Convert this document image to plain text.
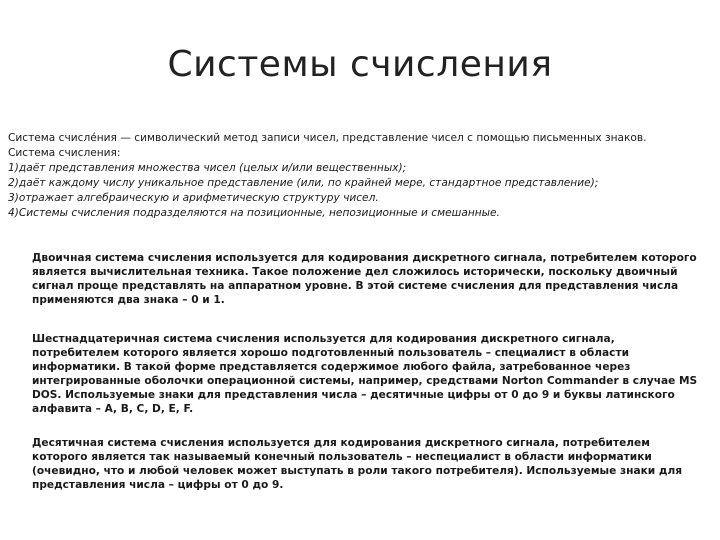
Системы счисления

Система счисле́ния — символический метод записи чисел, представление чисел с помощью письменных знаков.

Система счисления:

1)даёт представления множества чисел (целых и/или вещественных);

2)даёт каждому числу уникальное представление (или, по крайней мере, стандартное представление);

3)отражает алгебраическую и арифметическую структуру чисел.

4)Системы счисления подразделяются на позиционные, непозиционные и смешанные.

Двоичная система счисления используется для кодирования дискретного сигнала, потребителем которого является вычислительная техника. Такое положение дел сложилось исторически, поскольку двоичный сигнал проще представлять на аппаратном уровне. В этой системе счисления для представления числа применяются два знака – 0 и 1.

Шестнадцатеричная система счисления используется для кодирования дискретного сигнала, потребителем которого является хорошо подготовленный пользователь – специалист в области информатики. В такой форме представляется содержимое любого файла, затребованное через интегрированные оболочки операционной системы, например, средствами Norton Commander в случае MS DOS. Используемые знаки для представления числа – десятичные цифры от 0 до 9 и буквы латинского алфавита – A, B, C, D, E, F.

Десятичная система счисления используется для кодирования дискретного сигнала, потребителем которого является так называемый конечный пользователь – неспециалист в области информатики (очевидно, что и любой человек может выступать в роли такого потребителя). Используемые знаки для представления числа – цифры от 0 до 9.
